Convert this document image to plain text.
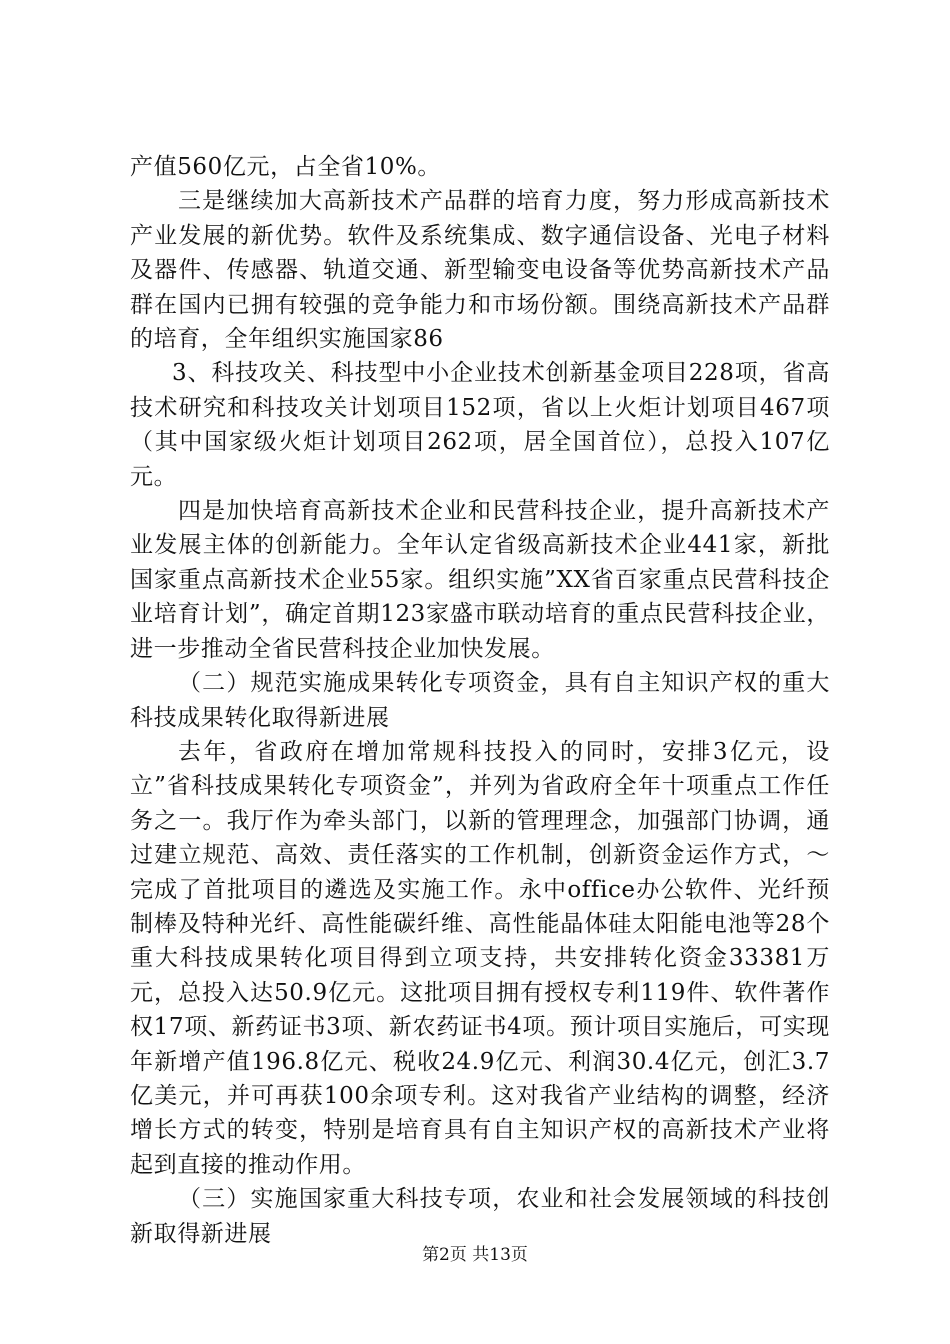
产值560亿元，占全省10%。

三是继续加大高新技术产品群的培育力度，努力形成高新技术产业发展的新优势。软件及系统集成、数字通信设备、光电子材料及器件、传感器、轨道交通、新型输变电设备等优势高新技术产品群在国内已拥有较强的竞争能力和市场份额。围绕高新技术产品群的培育，全年组织实施国家86

3、科技攻关、科技型中小企业技术创新基金项目228项，省高技术研究和科技攻关计划项目152项，省以上火炬计划项目467项（其中国家级火炬计划项目262项，居全国首位），总投入107亿元。

四是加快培育高新技术企业和民营科技企业，提升高新技术产业发展主体的创新能力。全年认定省级高新技术企业441家，新批国家重点高新技术企业55家。组织实施”XX省百家重点民营科技企业培育计划”，确定首期123家盛市联动培育的重点民营科技企业，进一步推动全省民营科技企业加快发展。

（二）规范实施成果转化专项资金，具有自主知识产权的重大科技成果转化取得新进展

去年，省政府在增加常规科技投入的同时，安排3亿元，设立”省科技成果转化专项资金”，并列为省政府全年十项重点工作任务之一。我厅作为牵头部门，以新的管理理念，加强部门协调，通过建立规范、高效、责任落实的工作机制，创新资金运作方式，～完成了首批项目的遴选及实施工作。永中office办公软件、光纤预制棒及特种光纤、高性能碳纤维、高性能晶体硅太阳能电池等28个重大科技成果转化项目得到立项支持，共安排转化资金33381万元，总投入达50.9亿元。这批项目拥有授权专利119件、软件著作权17项、新药证书3项、新农药证书4项。预计项目实施后，可实现年新增产值196.8亿元、税收24.9亿元、利润30.4亿元，创汇3.7亿美元，并可再获100余项专利。这对我省产业结构的调整，经济增长方式的转变，特别是培育具有自主知识产权的高新技术产业将起到直接的推动作用。

（三）实施国家重大科技专项，农业和社会发展领域的科技创新取得新进展

第2页 共13页
